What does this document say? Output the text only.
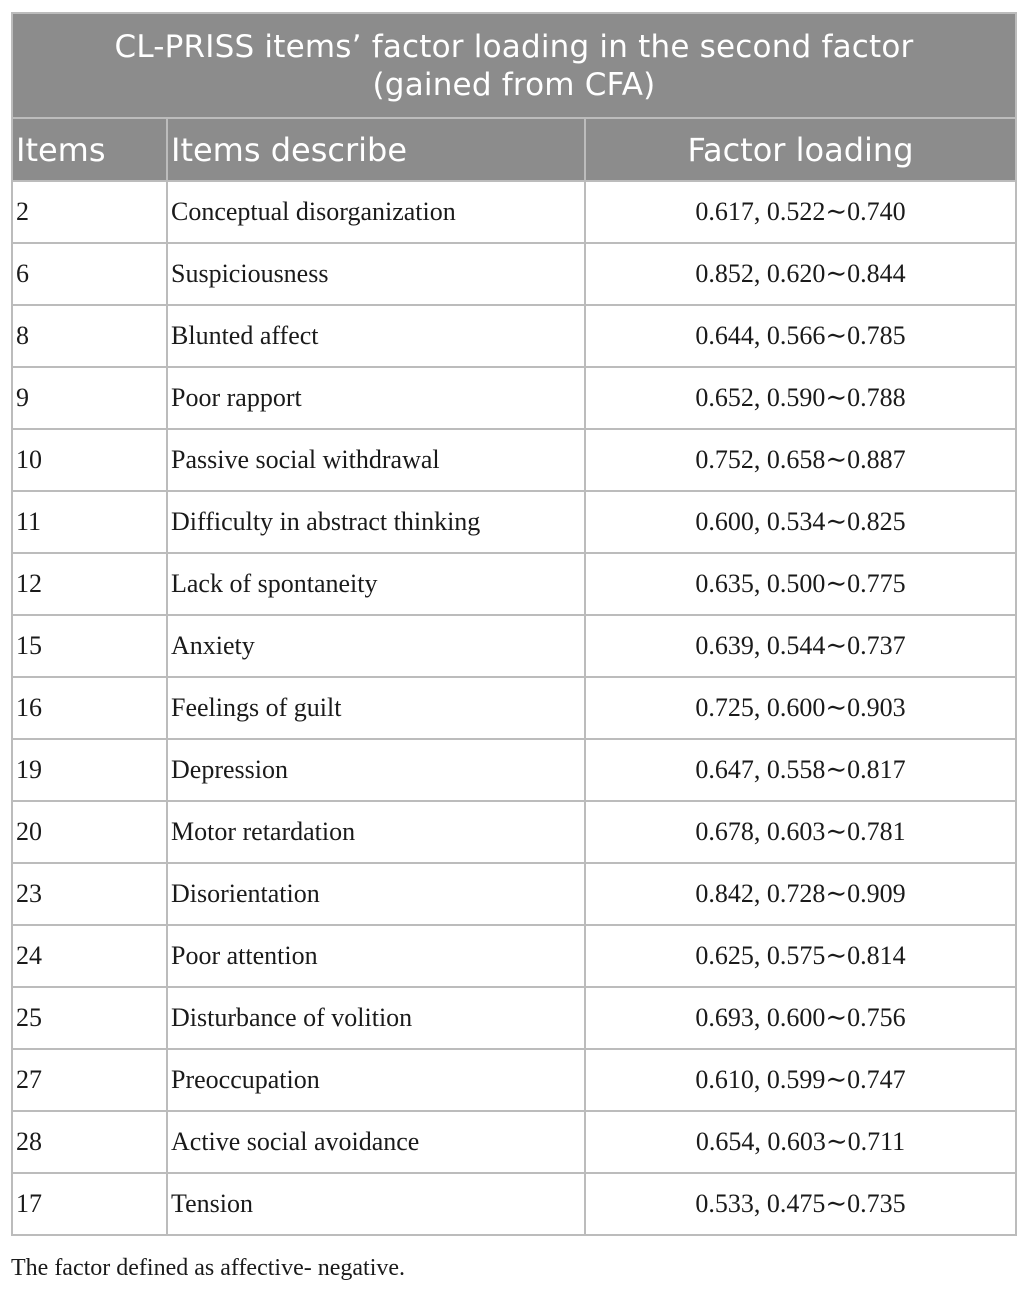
CL-PRISS items’ factor loading in the second factor
(gained from CFA)		

Items	Items describe	Factor loading
2	Conceptual disorganization	0.617, 0.522∼0.740
6	Suspiciousness	0.852, 0.620∼0.844
8	Blunted affect	0.644, 0.566∼0.785
9	Poor rapport	0.652, 0.590∼0.788
10	Passive social withdrawal	0.752, 0.658∼0.887
11	Difficulty in abstract thinking	0.600, 0.534∼0.825
12	Lack of spontaneity	0.635, 0.500∼0.775
15	Anxiety	0.639, 0.544∼0.737
16	Feelings of guilt	0.725, 0.600∼0.903
19	Depression	0.647, 0.558∼0.817
20	Motor retardation	0.678, 0.603∼0.781
23	Disorientation	0.842, 0.728∼0.909
24	Poor attention	0.625, 0.575∼0.814
25	Disturbance of volition	0.693, 0.600∼0.756
27	Preoccupation	0.610, 0.599∼0.747
28	Active social avoidance	0.654, 0.603∼0.711
17	Tension	0.533, 0.475∼0.735
The factor defined as affective- negative.
